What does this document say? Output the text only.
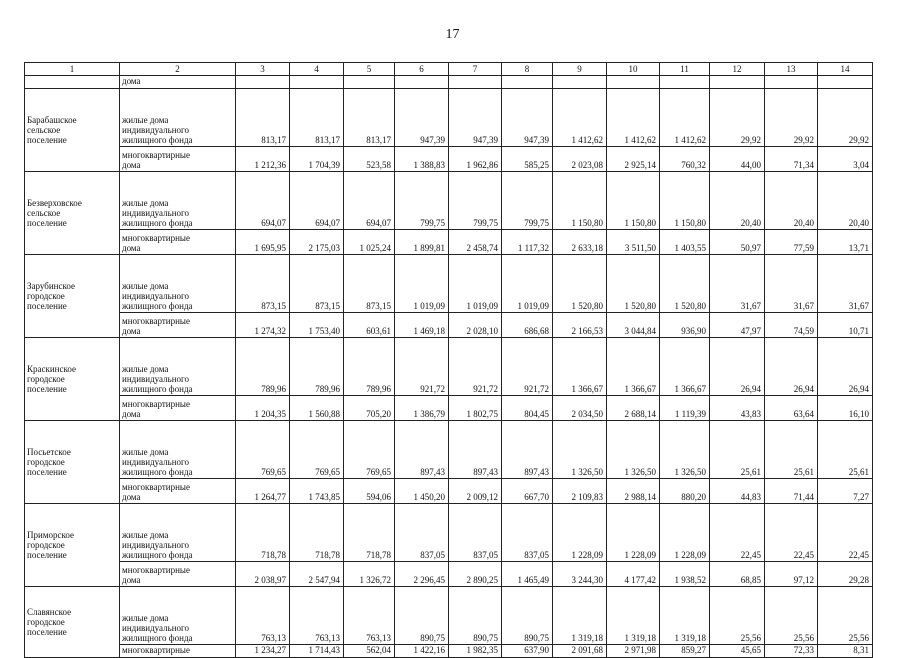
17
1	2	3	4	5	6	7	8	9	10	11	12	13	14
	дома												
Барабашское
сельское
поселение	жилые дома
индивидуального
жилищного фонда	813,17	813,17	813,17	947,39	947,39	947,39	1 412,62	1 412,62	1 412,62	29,92	29,92	29,92
	многоквартирные
дома	1 212,36	1 704,39	523,58	1 388,83	1 962,86	585,25	2 023,08	2 925,14	760,32	44,00	71,34	3,04
Безверховское
сельское
поселение	жилые дома
индивидуального
жилищного фонда	694,07	694,07	694,07	799,75	799,75	799,75	1 150,80	1 150,80	1 150,80	20,40	20,40	20,40
	многоквартирные
дома	1 695,95	2 175,03	1 025,24	1 899,81	2 458,74	1 117,32	2 633,18	3 511,50	1 403,55	50,97	77,59	13,71
Зарубинское
городское
поселение	жилые дома
индивидуального
жилищного фонда	873,15	873,15	873,15	1 019,09	1 019,09	1 019,09	1 520,80	1 520,80	1 520,80	31,67	31,67	31,67
	многоквартирные
дома	1 274,32	1 753,40	603,61	1 469,18	2 028,10	686,68	2 166,53	3 044,84	936,90	47,97	74,59	10,71
Краскинское
городское
поселение	жилые дома
индивидуального
жилищного фонда	789,96	789,96	789,96	921,72	921,72	921,72	1 366,67	1 366,67	1 366,67	26,94	26,94	26,94
	многоквартирные
дома	1 204,35	1 560,88	705,20	1 386,79	1 802,75	804,45	2 034,50	2 688,14	1 119,39	43,83	63,64	16,10
Посьетское
городское
поселение	жилые дома
индивидуального
жилищного фонда	769,65	769,65	769,65	897,43	897,43	897,43	1 326,50	1 326,50	1 326,50	25,61	25,61	25,61
	многоквартирные
дома	1 264,77	1 743,85	594,06	1 450,20	2 009,12	667,70	2 109,83	2 988,14	880,20	44,83	71,44	7,27
Приморское
городское
поселение	жилые дома
индивидуального
жилищного фонда	718,78	718,78	718,78	837,05	837,05	837,05	1 228,09	1 228,09	1 228,09	22,45	22,45	22,45
	многоквартирные
дома	2 038,97	2 547,94	1 326,72	2 296,45	2 890,25	1 465,49	3 244,30	4 177,42	1 938,52	68,85	97,12	29,28
Славянское
городское
поселение	жилые дома
индивидуального
жилищного фонда	763,13	763,13	763,13	890,75	890,75	890,75	1 319,18	1 319,18	1 319,18	25,56	25,56	25,56
	многоквартирные	1 234,27	1 714,43	562,04	1 422,16	1 982,35	637,90	2 091,68	2 971,98	859,27	45,65	72,33	8,31
